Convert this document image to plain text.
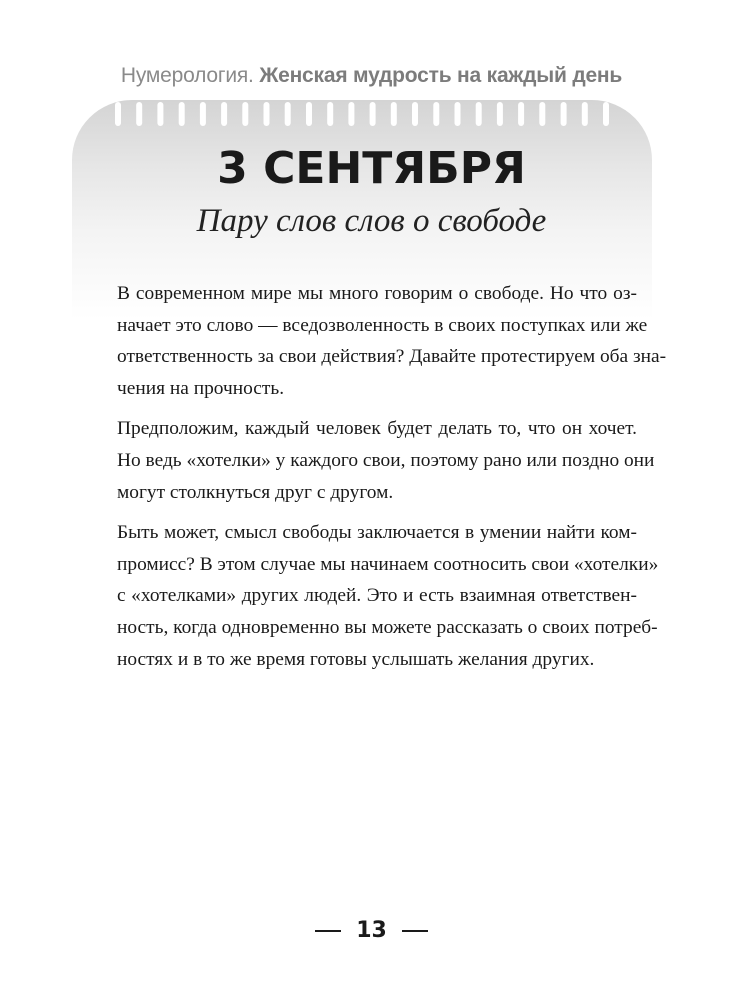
Нумерология. Женская мудрость на каждый день
3 СЕНТЯБРЯ
Пару слов слов о свободе
В современном мире мы много говорим о свободе. Но что оз-
начает это слово — вседозволенность в своих поступках или же
ответственность за свои действия? Давайте протестируем оба зна-
чения на прочность.
Предположим, каждый человек будет делать то, что он хочет.
Но ведь «хотелки» у каждого свои, поэтому рано или поздно они
могут столкнуться друг с другом.
Быть может, смысл свободы заключается в умении найти ком-
промисс? В этом случае мы начинаем соотносить свои «хотелки»
с «хотелками» других людей. Это и есть взаимная ответствен-
ность, когда одновременно вы можете рассказать о своих потреб-
ностях и в то же время готовы услышать желания других.
13
